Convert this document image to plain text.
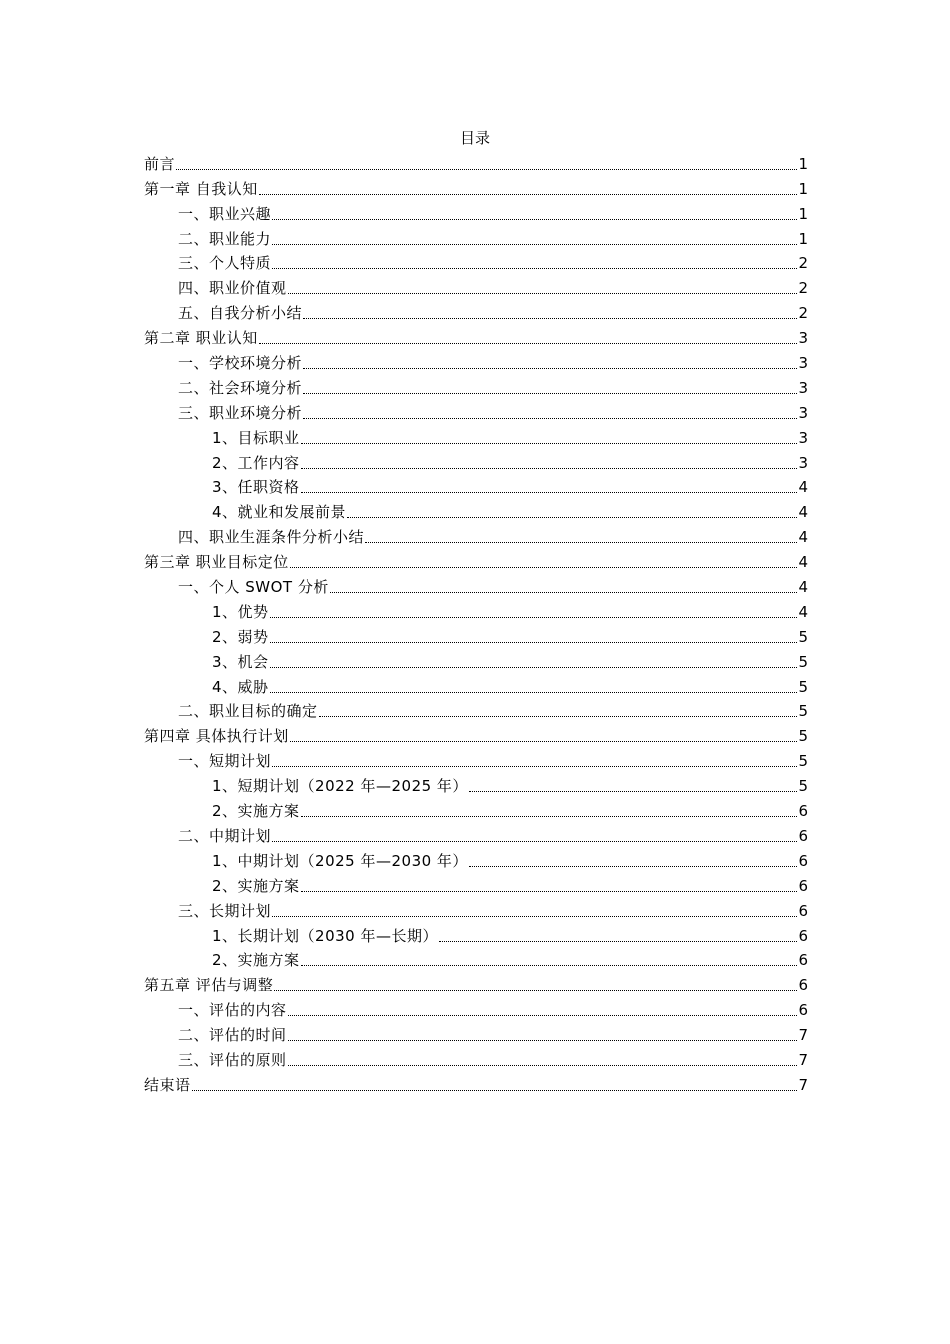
目录
前言	1
第一章 自我认知	1
一、职业兴趣	1
二、职业能力	1
三、个人特质	2
四、职业价值观	2
五、自我分析小结	2
第二章 职业认知	3
一、学校环境分析	3
二、社会环境分析	3
三、职业环境分析	3
1、目标职业	3
2、工作内容	3
3、任职资格	4
4、就业和发展前景	4
四、职业生涯条件分析小结	4
第三章 职业目标定位	4
一、个人 SWOT 分析	4
1、优势	4
2、弱势	5
3、机会	5
4、威胁	5
二、职业目标的确定	5
第四章 具体执行计划	5
一、短期计划	5
1、短期计划（2022 年—2025 年）	5
2、实施方案	6
二、中期计划	6
1、中期计划（2025 年—2030 年）	6
2、实施方案	6
三、长期计划	6
1、长期计划（2030 年—长期）	6
2、实施方案	6
第五章 评估与调整	6
一、评估的内容	6
二、评估的时间	7
三、评估的原则	7
结束语	7
